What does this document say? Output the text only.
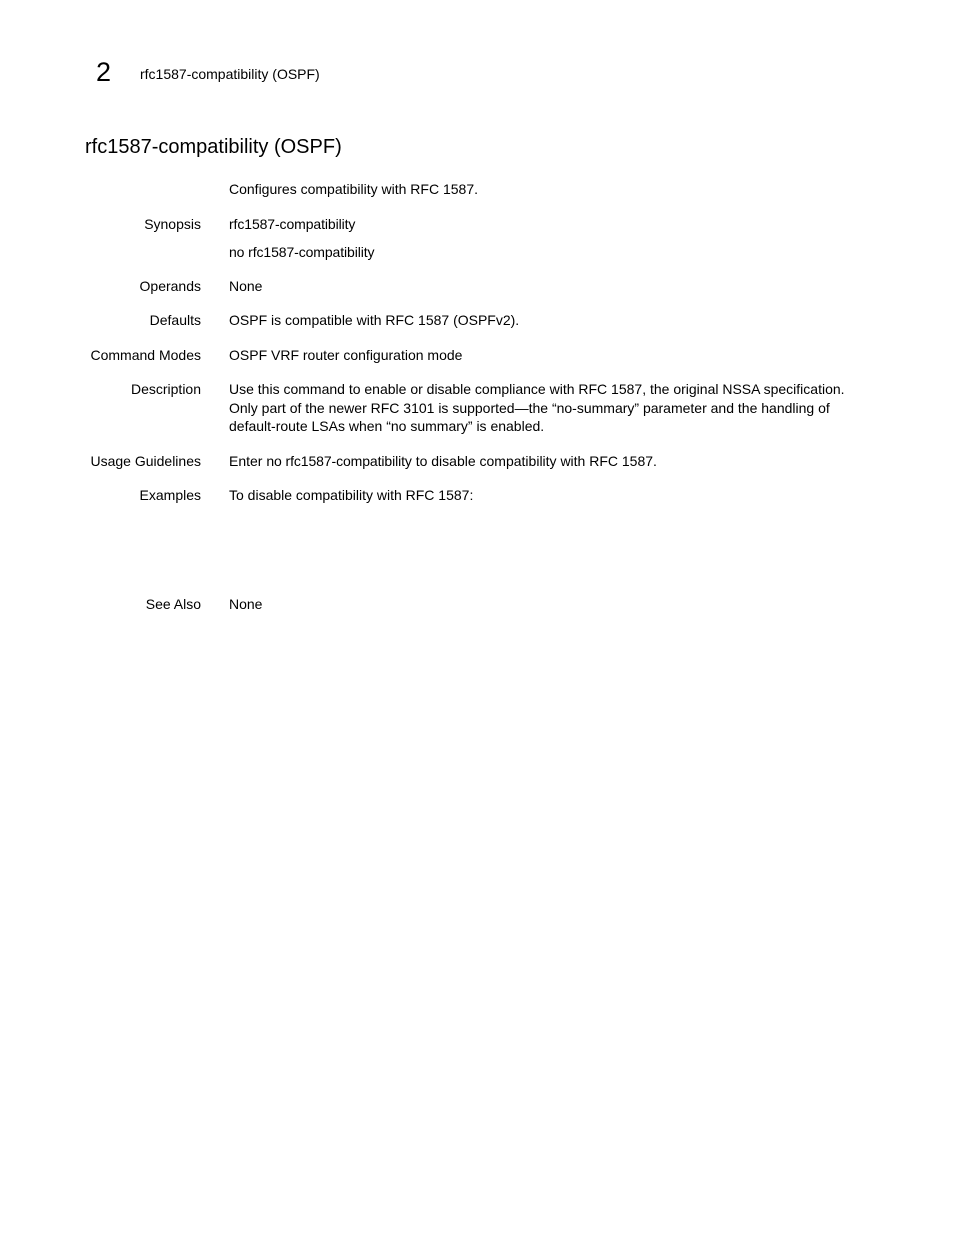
2 rfc1587-compatibility (OSPF)
rfc1587-compatibility (OSPF)
Configures compatibility with RFC 1587.
Synopsis rfc1587-compatibility
no rfc1587-compatibility
Operands None
Defaults OSPF is compatible with RFC 1587 (OSPFv2).
Command Modes OSPF VRF router configuration mode
Description Use this command to enable or disable compliance with RFC 1587, the original NSSA specification. Only part of the newer RFC 3101 is supported—the “no-summary” parameter and the handling of default-route LSAs when “no summary” is enabled.
Usage Guidelines Enter no rfc1587-compatibility to disable compatibility with RFC 1587.
Examples To disable compatibility with RFC 1587:
See Also None
